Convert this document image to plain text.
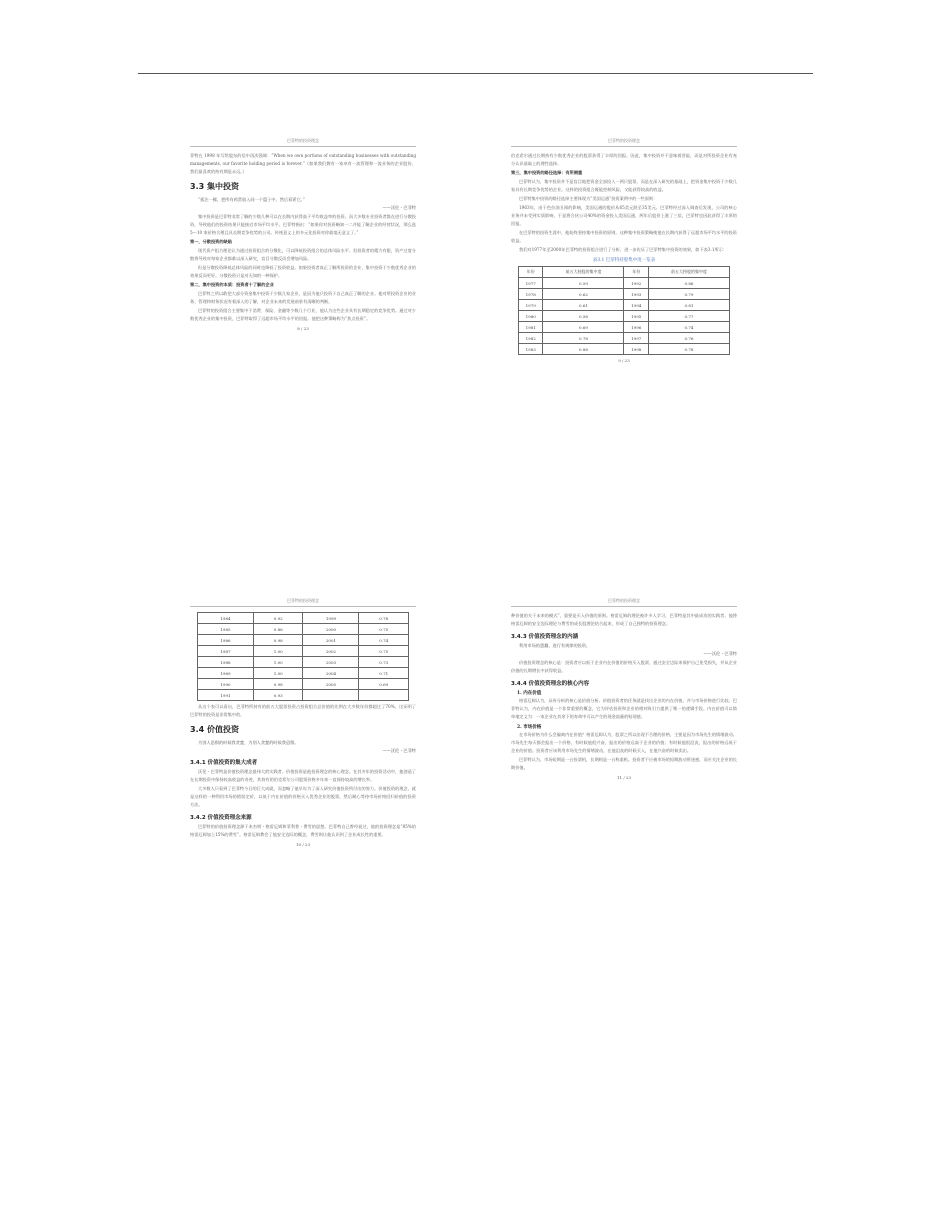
巴菲特的投资理念

菲特在 1998 年写给股东的信中再次强调：“When we own portions of outstanding businesses with outstanding managements, our favorite holding period is forever.”（如果我们拥有一家卓有一流管理和一流业务的企业股份，我们最喜欢的持有期是永远。）

3.3 集中投资
“孤注一掷，把所有鸡蛋放入同一个篮子中，然后看紧它。”
——沃伦・巴菲特

集中投资是巴菲特非常了解的少数几种可以在长期内获得高于平均收益率的投资。而大多数专业投资者都在进行分散投资，导致他们的投资结果只能接近市场平均水平。巴菲特指出：“如果你对投资略知一二并能了解企业的经营状况，那么选 5～10 家价格合理且具长期竞争优势的公司。传统意义上的多元化投资对你就毫无意义了。”

第一，分散投资的缺陷

现代资产组合理论认为通过投资组合的分散化，可以降低投资组合的总体风险水平。但投资者的精力有限，资产过度分散将导致对每家企业都难以深入研究，盲目分散反而会增加风险。

但是分散投资降低总体风险的同时也降低了投资收益。如果投资者真正了解所投资的企业，集中投资于少数优秀企业的效果反而更好。分散投资只是对无知的一种保护。

第二，集中投资的本质：投资者十了解的企业

巴菲特之所以敢把大部分资金集中投资于少数几家企业，是因为他只投资于自己真正了解的企业。他对所投资企业的业务、管理和财务状况有着深入的了解，对企业未来的发展前景有清晰的判断。

巴菲特的投资组合主要集中于消费、保险、金融等少数几个行业，他认为这些企业具有长期稳定的竞争优势。通过对少数优秀企业的集中投资，巴菲特取得了远超市场平均水平的回报。他把这种策略称为“焦点投资”。

8 / 23
巴菲特的投资理念

伯克希尔通过长期持有少数优秀企业的股票获得了丰厚的回报。因此，集中投资并不意味着冒险，而是对所投资企业有充分认识基础上的理性选择。

第三，集中投资的路径选择：有所侧重

巴菲特认为，集中投资并不是盲目地把资金全部投入一两只股票，而是在深入研究的基础上，把资金集中投资于少数几家具有长期竞争优势的企业。这样的投资组合既能控制风险，又能获得较高的收益。

巴菲特集中投资的路径选择主要体现为“美国运通”投资案例中的一些原则：

1963年，由于色拉油丑闻的影响，美国运通的股价从65美元跌至35美元。巴菲特经过深入调查后发现，公司的核心业务并未受到实质影响，于是将合伙公司40%的资金投入美国运通，两年后股价上涨了三倍，巴菲特也因此获得了丰厚的回报。

在巴菲特的投资生涯中，他始终坚持集中投资的原则。这种集中投资策略使他在长期内获得了远超市场平均水平的投资收益。

我们对1977年至2000年巴菲特的投资组合进行了分析，进一步佐证了巴菲特集中投资的效果，如下表3.1所示：

表3.1 巴菲特持股集中度一览表
年份	前五大持股的集中度	年份	前五大持股的集中度
1977	0.59	1992	0.86
1978	0.62	1993	0.79
1979	0.61	1994	0.81
1980	0.58	1995	0.77
1981	0.69	1996	0.74
1982	0.78	1997	0.76
1983	0.88	1998	0.78
9 / 23
巴菲特的投资理念
1984	0.92	1999	0.78
1985	0.86	2000	0.75
1986	0.98	2001	0.74
1987	1.00	2002	0.75
1988	1.00	2003	0.73
1989	1.00	2004	0.71
1990	0.98	2005	0.69
1991	0.93		

从这个表可以看出，巴菲特所持有的前五大股票投资占投资组合总价值的比例在大多数年份都超过了70%，这证明了巴菲特的投资是非常集中的。

3.4 价值投资
为别人恐惧的时候我贪婪，为别人贪婪的时候我恐惧。
——沃伦・巴菲特
3.4.1 价值投资的集大成者

沃伦・巴菲特是价值投资理念最伟大的实践者。价值投资是他投资理念的核心理念。在其多年的投资活动中，他创造了在长期投资中保持较高收益的奇迹，其持有的伯克希尔公司股票价格多年来一直保持较高的增长率。

大多数人只看到了巴菲特今日的巨大成就，而忽略了他早年为了深入研究价值投资所付出的努力。价值投资的理念，就是这样的一种利用市场的错误定价，以低于内在价值的价格买入优秀企业的股票，然后耐心等待市场价格回归价值的投资方法。

3.4.2 价值投资理念来源

巴菲特的价值投资理念源于本杰明・格雷厄姆和菲利普・费雪的思想。巴菲特自己曾经说过，他的投资理念是“85%的格雷厄姆加上15%的费雪”。格雷厄姆教会了他安全边际的概念，费雪则让他认识到了企业成长性的重要。

10 / 23
巴菲特的投资理念

种价值的关于未来的模式”，重要是买入价值的原则。格雷厄姆的理论被许多人学习，巴菲特是其中最成功的实践者。他将格雷厄姆的安全边际理论与费雪的成长股理论结合起来，形成了自己独特的投资理念。

3.4.3 价值投资理念的内涵
利用市场的愚蠢，进行有规律的投资。
——沃伦・巴菲特

价值投资理念的核心是：投资者应以低于企业内在价值的价格买入股票，通过安全边际来保护自己免受损失，并从企业价值的长期增长中获得收益。

3.4.4 价值投资理念的核心内容
1. 内在价值

格雷厄姆认为，证券分析的核心是价值分析。价值投资者的任务就是找出企业的内在价值，并与市场价格进行比较。巴菲特认为，内在价值是一个非常重要的概念，它为评估投资和企业的相对吸引力提供了唯一的逻辑手段。内在价值可以简单地定义为：一家企业在其余下的寿命中可以产生的现金流量的贴现值。

2. 市场价格

在市场价格为什么会偏离内在价值？格雷厄姆认为，股票之所以出现不合理的价格，主要是因为市场先生的情绪波动。市场先生每天都会报出一个价格，有时候他很兴奋，报出的价格远高于企业的价值；有时候他很沮丧，报出的价格远低于企业的价值。投资者应该利用市场先生的情绪波动，在他沮丧的时候买入，在他兴奋的时候卖出。

巴菲特认为，市场短期是一台投票机，长期则是一台称重机。投资者不应被市场的短期波动所迷惑，而应关注企业的长期价值。

11 / 23
